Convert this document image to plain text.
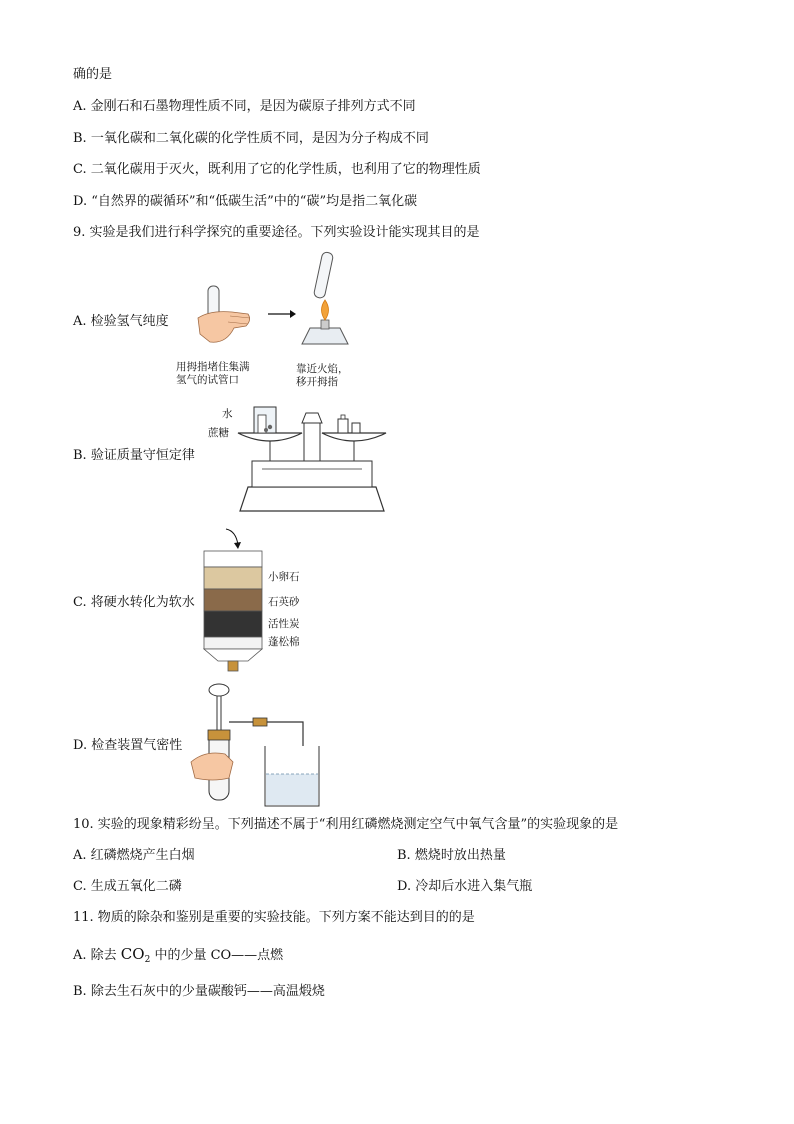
确的是
A. 金刚石和石墨物理性质不同，是因为碳原子排列方式不同
B. 一氧化碳和二氧化碳的化学性质不同，是因为分子构成不同
C. 二氧化碳用于灭火，既利用了它的化学性质，也利用了它的物理性质
D. “自然界的碳循环”和“低碳生活”中的“碳”均是指二氧化碳
9. 实验是我们进行科学探究的重要途径。下列实验设计能实现其目的是
A. 检验氢气纯度
用拇指堵住集满
氢气的试管口
靠近火焰，
移开拇指
B. 验证质量守恒定律
水
蔗糖
C. 将硬水转化为软水
小卵石
石英砂
活性炭
蓬松棉
D. 检查装置气密性
10. 实验的现象精彩纷呈。下列描述不属于“利用红磷燃烧测定空气中氧气含量”的实验现象的是
A. 红磷燃烧产生白烟	B. 燃烧时放出热量
C. 生成五氧化二磷	D. 冷却后水进入集气瓶
11. 物质的除杂和鉴别是重要的实验技能。下列方案不能达到目的的是
A. 除去 $CO_2$ 中的少量 CO——点燃
B. 除去生石灰中的少量碳酸钙——高温煅烧
